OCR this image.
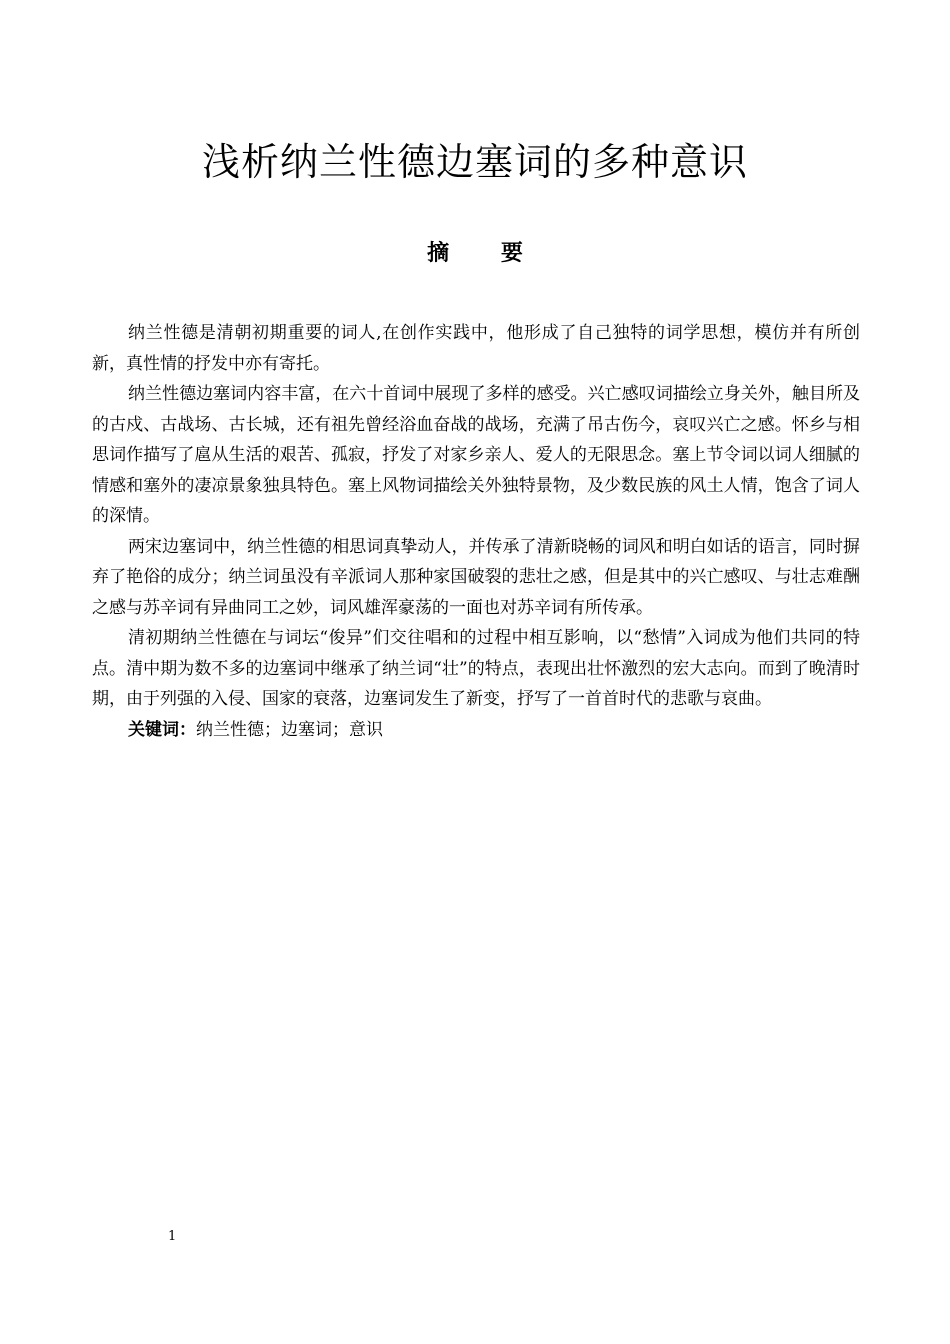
浅析纳兰性德边塞词的多种意识
摘 要

纳兰性德是清朝初期重要的词人,在创作实践中，他形成了自己独特的词学思想，模仿并有所创新，真性情的抒发中亦有寄托。

纳兰性德边塞词内容丰富，在六十首词中展现了多样的感受。兴亡感叹词描绘立身关外，触目所及的古戍、古战场、古长城，还有祖先曾经浴血奋战的战场，充满了吊古伤今，哀叹兴亡之感。怀乡与相思词作描写了扈从生活的艰苦、孤寂，抒发了对家乡亲人、爱人的无限思念。塞上节令词以词人细腻的情感和塞外的凄凉景象独具特色。塞上风物词描绘关外独特景物，及少数民族的风土人情，饱含了词人的深情。

两宋边塞词中，纳兰性德的相思词真挚动人，并传承了清新晓畅的词风和明白如话的语言，同时摒弃了艳俗的成分；纳兰词虽没有辛派词人那种家国破裂的悲壮之感，但是其中的兴亡感叹、与壮志难酬之感与苏辛词有异曲同工之妙，词风雄浑豪荡的一面也对苏辛词有所传承。

清初期纳兰性德在与词坛“俊异”们交往唱和的过程中相互影响，以“愁情”入词成为他们共同的特点。清中期为数不多的边塞词中继承了纳兰词“壮”的特点，表现出壮怀激烈的宏大志向。而到了晚清时期，由于列强的入侵、国家的衰落，边塞词发生了新变，抒写了一首首时代的悲歌与哀曲。

关键词：纳兰性德；边塞词；意识

1
